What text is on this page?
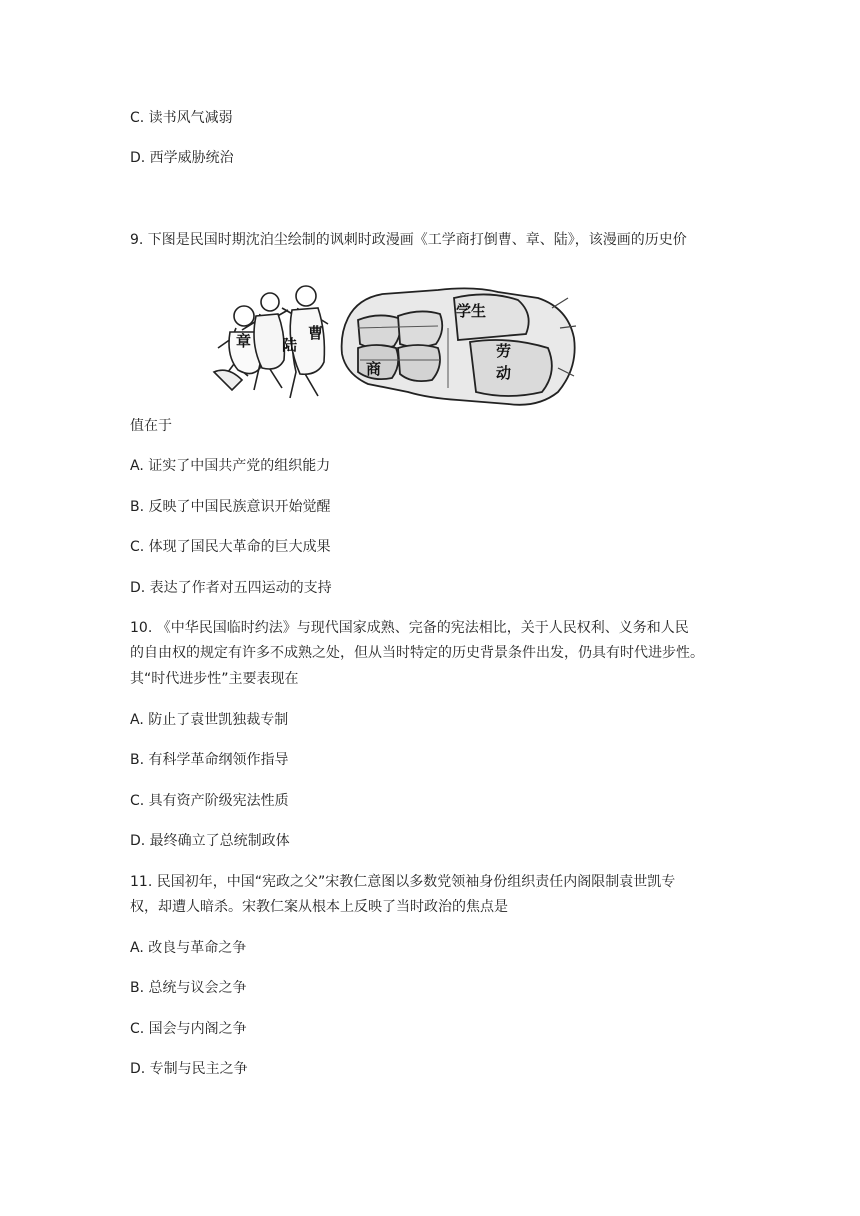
C. 读书风气减弱
D. 西学威胁统治
9. 下图是民国时期沈泊尘绘制的讽刺时政漫画《工学商打倒曹、章、陆》，该漫画的历史价
章 陆
曹
商
学生
劳
动
值在于
A. 证实了中国共产党的组织能力
B. 反映了中国民族意识开始觉醒
C. 体现了国民大革命的巨大成果
D. 表达了作者对五四运动的支持
10. 《中华民国临时约法》与现代国家成熟、完备的宪法相比，关于人民权利、义务和人民
的自由权的规定有许多不成熟之处，但从当时特定的历史背景条件出发，仍具有时代进步性。
其“时代进步性”主要表现在
A. 防止了袁世凯独裁专制
B. 有科学革命纲领作指导
C. 具有资产阶级宪法性质
D. 最终确立了总统制政体
11. 民国初年，中国“宪政之父”宋教仁意图以多数党领袖身份组织责任内阁限制袁世凯专
权，却遭人暗杀。宋教仁案从根本上反映了当时政治的焦点是
A. 改良与革命之争
B. 总统与议会之争
C. 国会与内阁之争
D. 专制与民主之争
